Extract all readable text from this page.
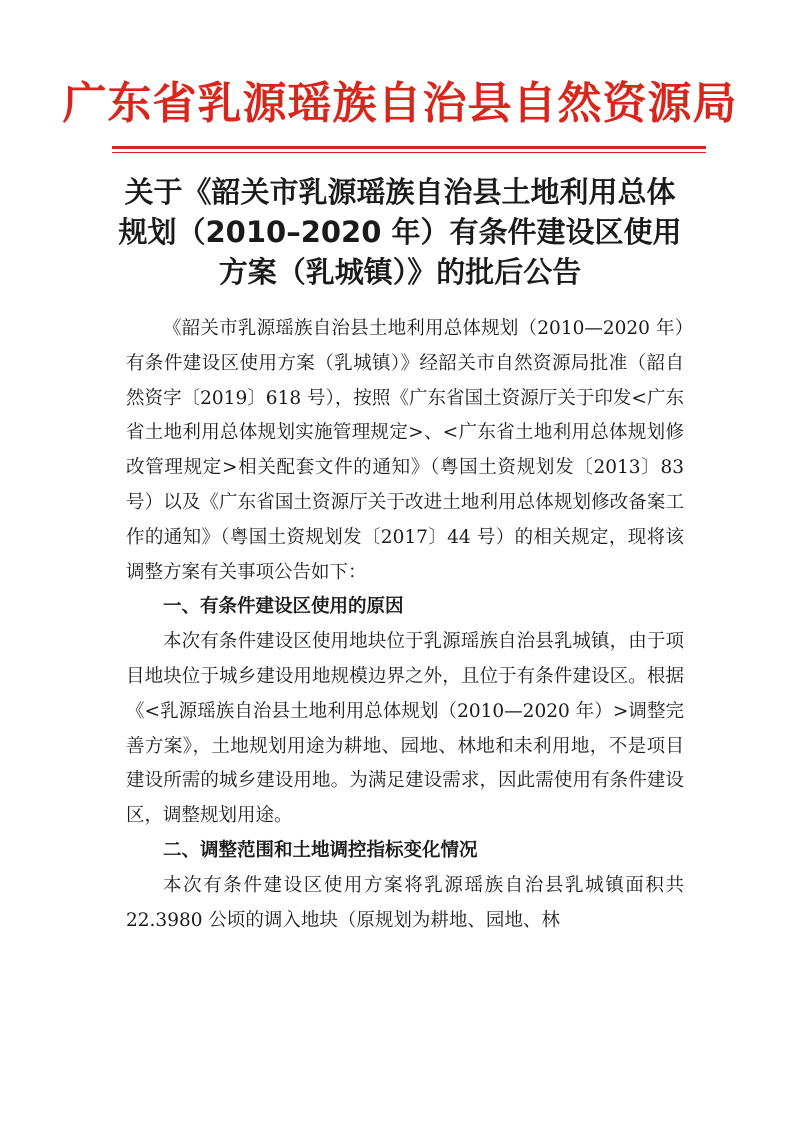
广东省乳源瑶族自治县自然资源局
关于《韶关市乳源瑶族自治县土地利用总体
规划（2010–2020 年）有条件建设区使用
方案（乳城镇）》的批后公告

《韶关市乳源瑶族自治县土地利用总体规划（2010—2020 年）有条件建设区使用方案（乳城镇）》经韶关市自然资源局批准（韶自然资字〔2019〕618 号），按照《广东省国土资源厅关于印发<广东省土地利用总体规划实施管理规定>、<广东省土地利用总体规划修改管理规定>相关配套文件的通知》（粤国土资规划发〔2013〕83 号）以及《广东省国土资源厅关于改进土地利用总体规划修改备案工作的通知》（粤国土资规划发〔2017〕44 号）的相关规定，现将该调整方案有关事项公告如下：

一、有条件建设区使用的原因

本次有条件建设区使用地块位于乳源瑶族自治县乳城镇，由于项目地块位于城乡建设用地规模边界之外，且位于有条件建设区。根据《<乳源瑶族自治县土地利用总体规划（2010—2020 年）>调整完善方案》，土地规划用途为耕地、园地、林地和未利用地，不是项目建设所需的城乡建设用地。为满足建设需求，因此需使用有条件建设区，调整规划用途。

二、调整范围和土地调控指标变化情况

本次有条件建设区使用方案将乳源瑶族自治县乳城镇面积共 22.3980 公顷的调入地块（原规划为耕地、园地、林
